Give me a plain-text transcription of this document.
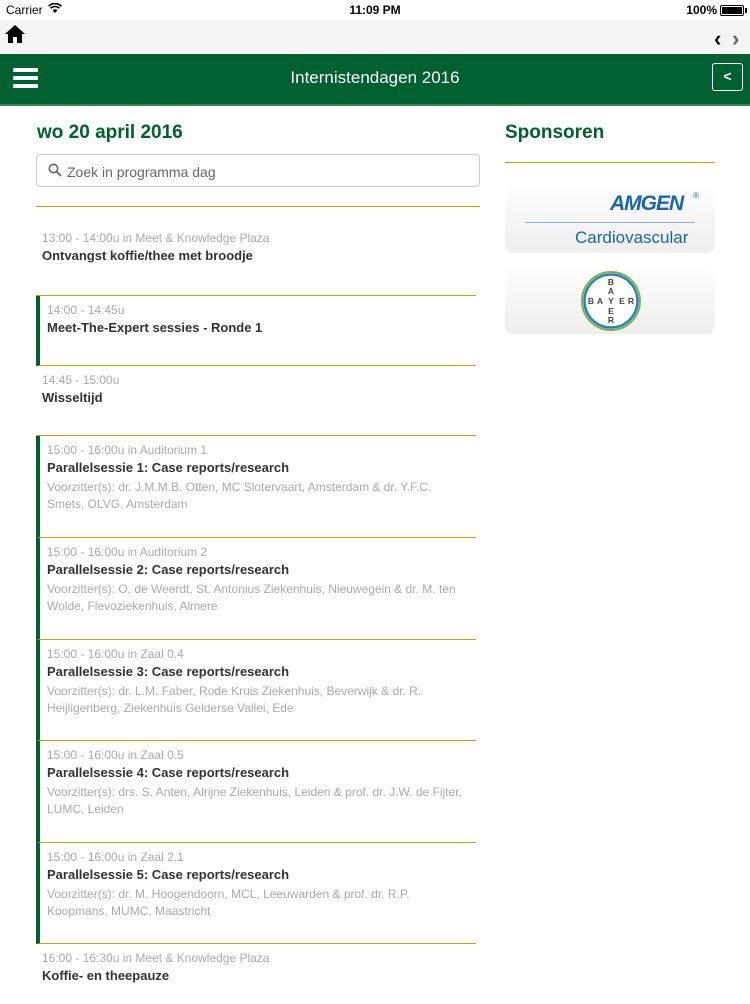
Carrier	11:09 PM	100%
‹ ›
Internistendagen 2016	<
wo 20 april 2016
Zoek in programma dag
13:00 - 14:00u in Meet & Knowledge Plaza
Ontvangst koffie/thee met broodje
14:00 - 14:45u
Meet-The-Expert sessies - Ronde 1
14:45 - 15:00u
Wisseltijd
15:00 - 16:00u in Auditorium 1
Parallelsessie 1: Case reports/research
Voorzitter(s): dr. J.M.M.B. Otten, MC Slotervaart, Amsterdam & dr. Y.F.C. Smets, OLVG, Amsterdam
15:00 - 16:00u in Auditorium 2
Parallelsessie 2: Case reports/research
Voorzitter(s): O. de Weerdt, St. Antonius Ziekenhuis, Nieuwegein & dr. M. ten Wolde, Flevoziekenhuis, Almere
15:00 - 16:00u in Zaal 0.4
Parallelsessie 3: Case reports/research
Voorzitter(s): dr. L.M. Faber, Rode Kruis Ziekenhuis, Beverwijk & dr. R. Heijligenberg, Ziekenhuis Gelderse Vallei, Ede
15:00 - 16:00u in Zaal 0.5
Parallelsessie 4: Case reports/research
Voorzitter(s): drs. S. Anten, Alrijne Ziekenhuis, Leiden & prof. dr. J.W. de Fijter, LUMC, Leiden
15:00 - 16:00u in Zaal 2.1
Parallelsessie 5: Case reports/research
Voorzitter(s): dr. M. Hoogendoorn, MCL, Leeuwarden & prof. dr. R.P. Koopmans, MUMC, Maastricht
16:00 - 16:30u in Meet & Knowledge Plaza
Koffie- en theepauze
Sponsoren
AMGEN ®
Cardiovascular
B
A
Y
E
R
B A E R
